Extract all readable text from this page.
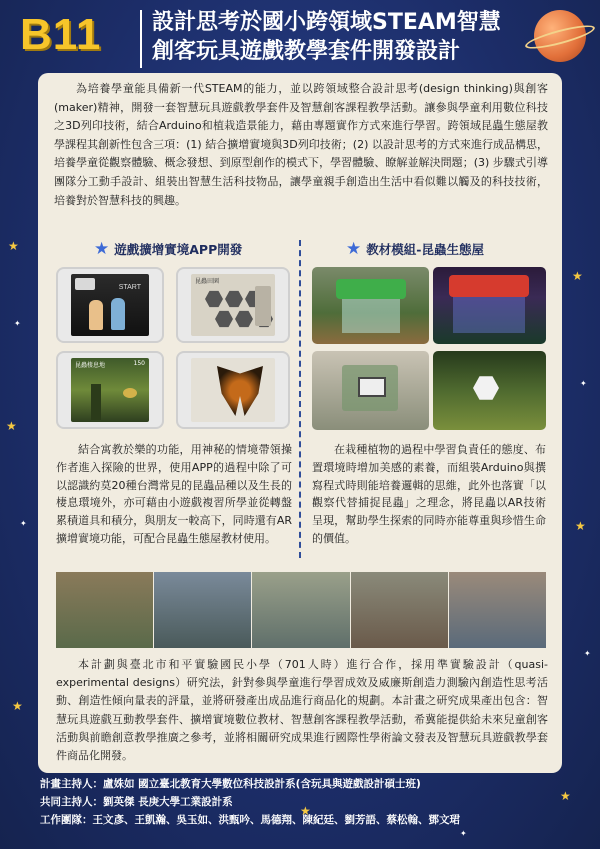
★
✦
★
✦
★
★
✦
★
✦
★
✦
★
B11	設計思考於國小跨領域STEAM智慧
創客玩具遊戲教學套件開發設計
為培養學童能具備新一代STEAM的能力，並以跨領域整合設計思考(design thinking)與創客(maker)精神，開發一套智慧玩具遊戲教學套件及智慧創客課程教學活動。讓參與學童利用數位科技之3D列印技術，結合Arduino和植栽造景能力，藉由專題實作方式來進行學習。跨領域昆蟲生態屋教學課程其創新性包含三項：(1) 結合擴增實境與3D列印技術；(2) 以設計思考的方式來進行成品構思，培養學童從觀察體驗、概念發想、到原型創作的模式下，學習體驗、瞭解並解決問題；(3) 步驟式引導團隊分工動手設計、組裝出智慧生活科技物品，讓學童親手創造出生活中看似難以觸及的科技技術，培養對於智慧科技的興趣。
★ 遊戲擴增實境APP開發	★ 教材模組-昆蟲生態屋
START
昆蟲田園
昆蟲棲息地	150
結合寓教於樂的功能，用神秘的情境帶領操作者進入探險的世界，使用APP的過程中除了可以認識約莫20種台灣常見的昆蟲品種以及生長的棲息環境外，亦可藉由小遊戲複習所學並從轉盤累積道具和積分，與朋友一較高下，同時還有AR擴增實境功能，可配合昆蟲生態屋教材使用。
在栽種植物的過程中學習負責任的態度、布置環境時增加美感的素養，而組裝Arduino與撰寫程式時則能培養邏輯的思維，此外也落實「以觀察代替捕捉昆蟲」之理念，將昆蟲以AR技術呈現，幫助學生探索的同時亦能尊重與珍惜生命的價值。
本計劃與臺北市和平實驗國民小學（701人時）進行合作，採用準實驗設計（quasi-experimental designs）研究法，針對參與學童進行學習成效及威廉斯創造力測驗內創造性思考活動、創造性傾向量表的評量，並將研發產出成品進行商品化的規劃。本計畫之研究成果產出包含：智慧玩具遊戲互動教學套件、擴增實境數位教材、智慧創客課程教學活動，希冀能提供給未來兒童創客活動與前瞻創意教學推廣之參考，並將相關研究成果進行國際性學術論文發表及智慧玩具遊戲教學套件商品化開發。
計畫主持人： 盧姝如 國立臺北教育大學數位科技設計系(含玩具與遊戲設計碩士班)
共同主持人： 劉英傑 長庚大學工業設計系
工作團隊： 王文彥、王凱瀚、吳玉如、洪甄吟、馬德翔、陳紀廷、劉芳語、蔡松翰、鄧文珺
